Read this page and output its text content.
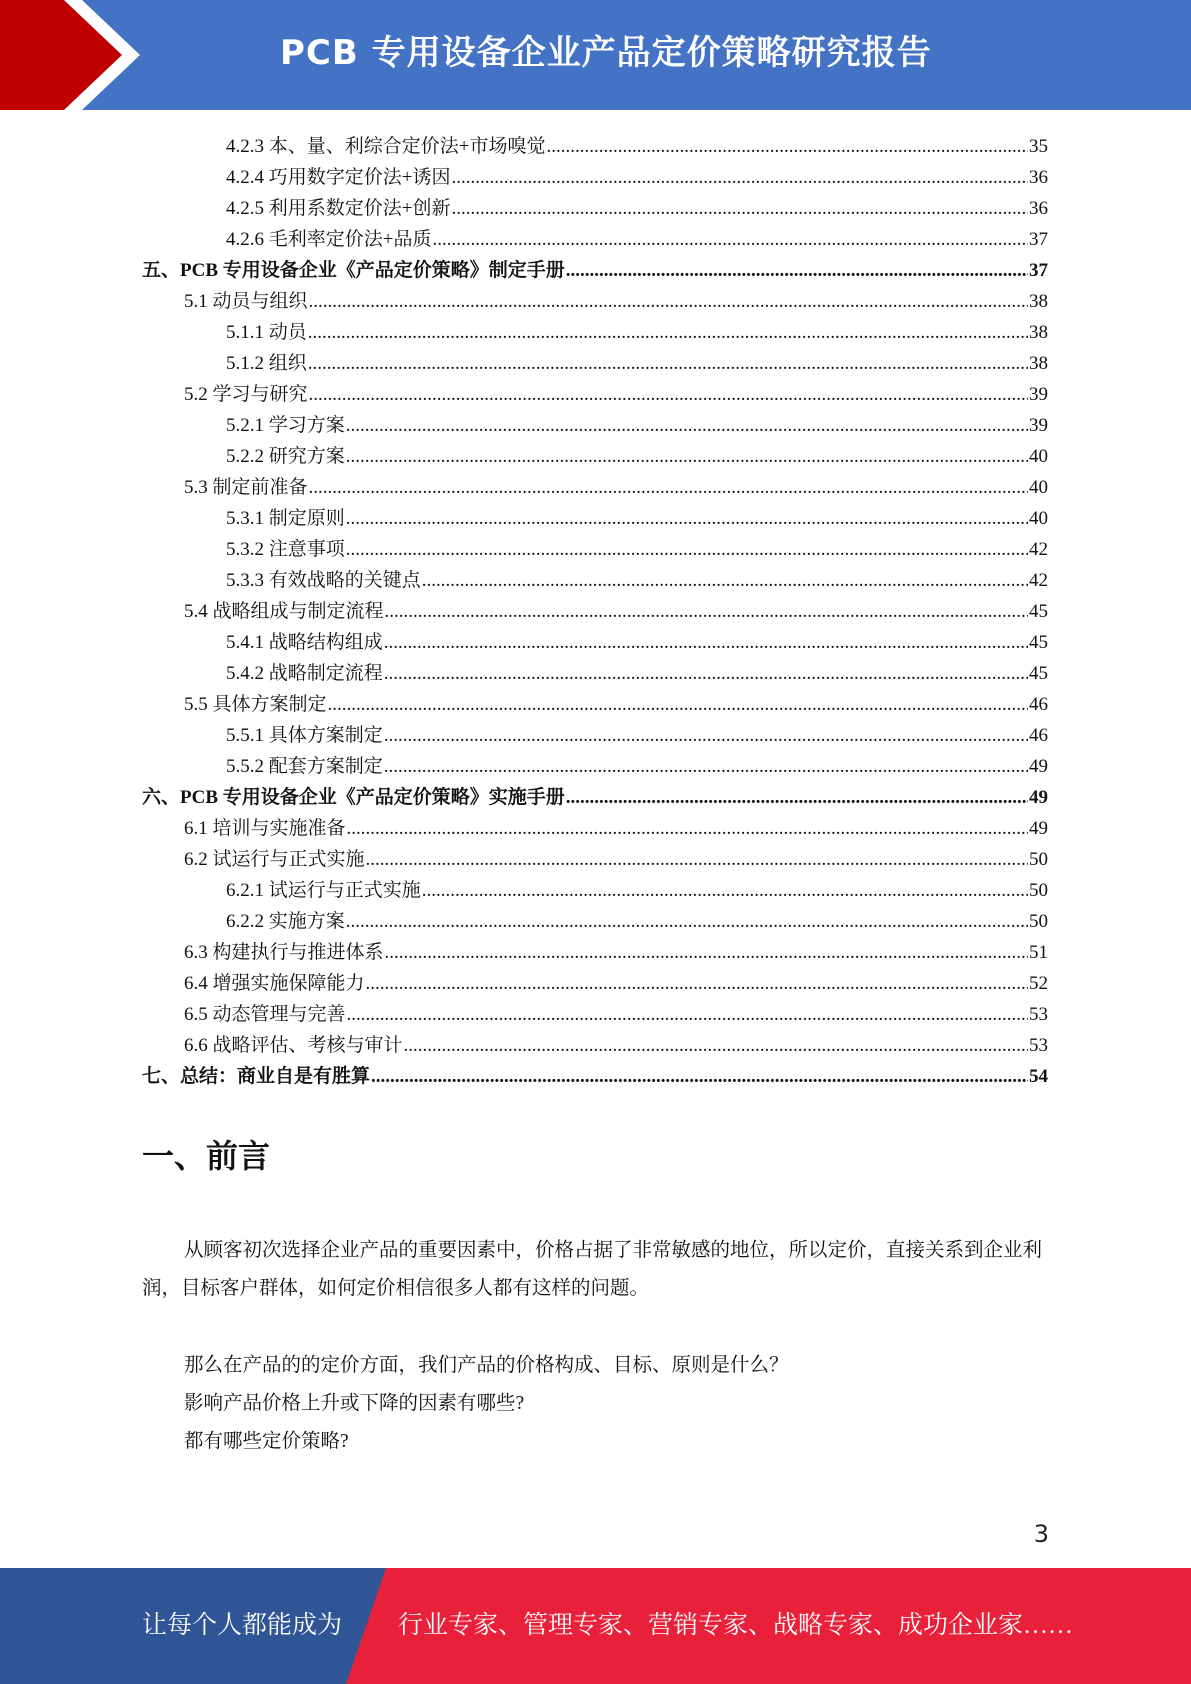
PCB 专用设备企业产品定价策略研究报告
4.2.3 本、量、利综合定价法+市场嗅觉 .....	35
4.2.4 巧用数字定价法+诱因 .....	36
4.2.5 利用系数定价法+创新 .....	36
4.2.6 毛利率定价法+品质 .....	37
五、PCB 专用设备企业《产品定价策略》制定手册 .....	37
5.1 动员与组织 .....	38
5.1.1 动员 .....	38
5.1.2 组织 .....	38
5.2 学习与研究 .....	39
5.2.1 学习方案 .....	39
5.2.2 研究方案 .....	40
5.3 制定前准备 .....	40
5.3.1 制定原则 .....	40
5.3.2 注意事项 .....	42
5.3.3 有效战略的关键点 .....	42
5.4 战略组成与制定流程 .....	45
5.4.1 战略结构组成 .....	45
5.4.2 战略制定流程 .....	45
5.5 具体方案制定 .....	46
5.5.1 具体方案制定 .....	46
5.5.2 配套方案制定 .....	49
六、PCB 专用设备企业《产品定价策略》实施手册 .....	49
6.1 培训与实施准备 .....	49
6.2 试运行与正式实施 .....	50
6.2.1 试运行与正式实施 .....	50
6.2.2 实施方案 .....	50
6.3 构建执行与推进体系 .....	51
6.4 增强实施保障能力 .....	52
6.5 动态管理与完善 .....	53
6.6 战略评估、考核与审计 .....	53
七、总结：商业自是有胜算 .....	54
一、前言
从顾客初次选择企业产品的重要因素中，价格占据了非常敏感的地位，所以定价，直接关系到企业利润，目标客户群体，如何定价相信很多人都有这样的问题。
那么在产品的的定价方面，我们产品的价格构成、目标、原则是什么？
影响产品价格上升或下降的因素有哪些?
都有哪些定价策略?
3
让每个人都能成为 行业专家、管理专家、营销专家、战略专家、成功企业家……
